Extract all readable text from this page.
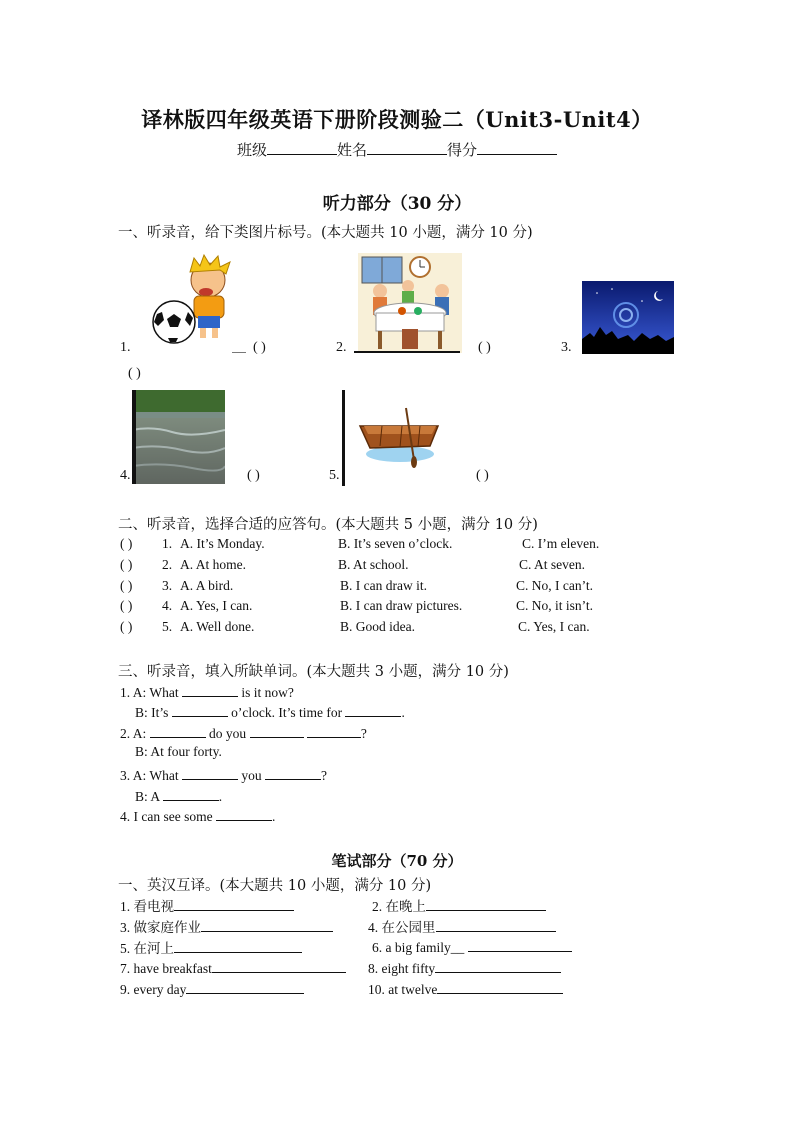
译林版四年级英语下册阶段测验二（Unit3-Unit4）
班级	姓名	得分
听力部分（30 分）
一、听录音，给下类图片标号。(本大题共 10 小题，满分 10 分)
1.	( )	2.	( )	3.
( )
4.	( )	5.	( )
二、听录音，选择合适的应答句。(本大题共 5 小题，满分 10 分)
( ) 1. A. It’s Monday.	B. It’s seven o’clock.	C. I’m eleven.
( ) 2. A. At home.	B. At school.	C. At seven.
( ) 3. A. A bird.	B. I can draw it.	C. No, I can’t.
( ) 4. A. Yes, I can.	B. I can draw pictures.	C. No, it isn’t.
( ) 5. A. Well done.	B. Good idea.	C. Yes, I can.
三、听录音，填入所缺单词。(本大题共 3 小题，满分 10 分)
1. A: What	is it now?
B: It’s	o’clock. It’s time for	.
2. A:	do you	?
B: At four forty.
3. A: What	you	?
B: A	.
4. I can see some	.
笔试部分（70 分）
一、英汉互译。(本大题共 10 小题，满分 10 分)
1. 看电视	2. 在晚上
3. 做家庭作业	4. 在公园里
5. 在河上	6. a big family__
7. have breakfast	8. eight fifty
9. every day	10. at twelve
